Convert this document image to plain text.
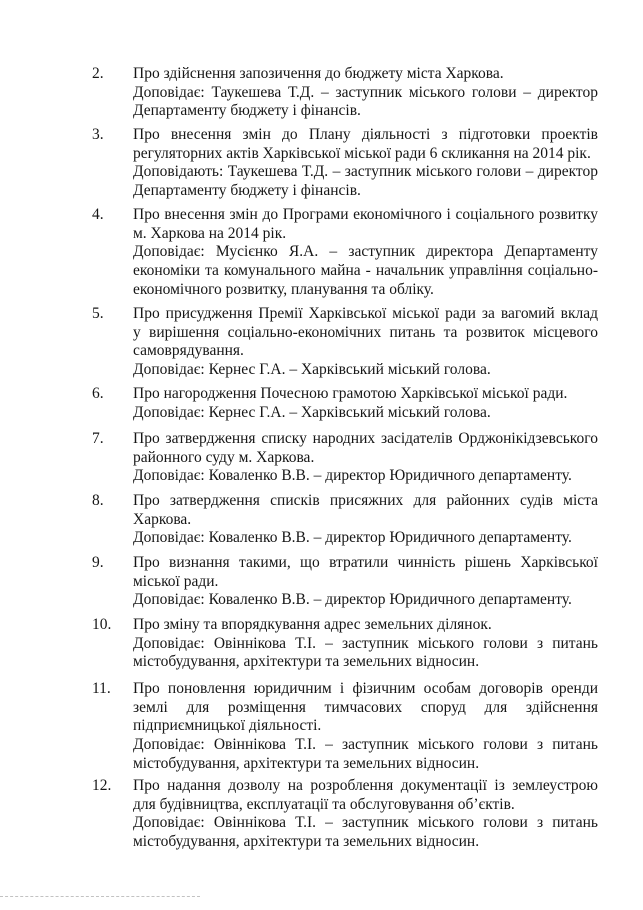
2. Про здійснення запозичення до бюджету міста Харкова.
Доповідає: Таукешева Т.Д. – заступник міського голови – директор
Департаменту бюджету і фінансів.
3. Про внесення змін до Плану діяльності з підготовки проектів
регуляторних актів Харківської міської ради 6 скликання на 2014 рік.
Доповідають: Таукешева Т.Д. – заступник міського голови – директор
Департаменту бюджету і фінансів.
4. Про внесення змін до Програми економічного і соціального розвитку
м. Харкова на 2014 рік.
Доповідає: Мусієнко Я.А. – заступник директора Департаменту
економіки та комунального майна - начальник управління соціально-
економічного розвитку, планування та обліку.
5. Про присудження Премії Харківської міської ради за вагомий вклад
у вирішення соціально-економічних питань та розвиток місцевого
самоврядування.
Доповідає: Кернес Г.А. – Харківський міський голова.
6. Про нагородження Почесною грамотою Харківської міської ради.
Доповідає: Кернес Г.А. – Харківський міський голова.
7. Про затвердження списку народних засідателів Орджонікідзевського
районного суду м. Харкова.
Доповідає: Коваленко В.В. – директор Юридичного департаменту.
8. Про затвердження списків присяжних для районних судів міста
Харкова.
Доповідає: Коваленко В.В. – директор Юридичного департаменту.
9. Про визнання такими, що втратили чинність рішень Харківської
міської ради.
Доповідає: Коваленко В.В. – директор Юридичного департаменту.
10. Про зміну та впорядкування адрес земельних ділянок.
Доповідає: Овіннікова Т.І. – заступник міського голови з питань
містобудування, архітектури та земельних відносин.
11. Про поновлення юридичним і фізичним особам договорів оренди
землі для розміщення тимчасових споруд для здійснення
підприємницької діяльності.
Доповідає: Овіннікова Т.І. – заступник міського голови з питань
містобудування, архітектури та земельних відносин.
12. Про надання дозволу на розроблення документації із землеустрою
для будівництва, експлуатації та обслуговування об’єктів.
Доповідає: Овіннікова Т.І. – заступник міського голови з питань
містобудування, архітектури та земельних відносин.
